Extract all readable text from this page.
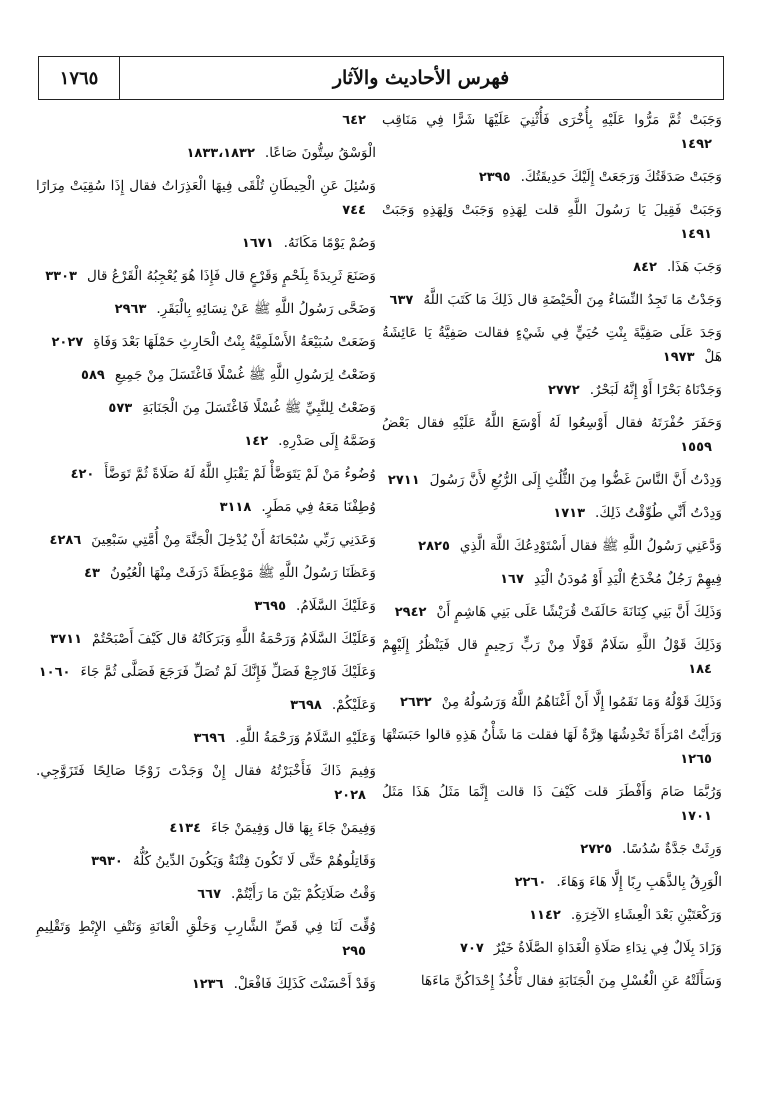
١٧٦٥	فهرس الأحاديث والآثار
وَجَبَتْ ثُمَّ مَرُّوا عَلَيْهِ بِأُخْرَى فَأُثْنِيَ عَلَيْهَا شَرًّا فِي مَنَاقِب١٤٩٢
وَجَبَتْ صَدَقَتُكَ وَرَجَعَتْ إِلَيْكَ حَدِيقَتُكَ.٢٣٩٥
وَجَبَتْ فَقِيلَ يَا رَسُولَ اللَّهِ قلت لِهَذِهِ وَجَبَتْ وَلِهَذِهِ وَجَبَتْ١٤٩١
وَجَبَ هَذَا.٨٤٢
وَجَدْتُ مَا تَجِدُ النِّسَاءُ مِنَ الْحَيْضَةِ قال ذَلِكَ مَا كَتَبَ اللَّهُ٦٣٧
وَجَدَ عَلَى صَفِيَّةَ بِنْتِ حُيَيٍّ فِي شَيْءٍ فقالت صَفِيَّةُ يَا عَائِشَةُ هَلْ١٩٧٣
وَجَدْنَاهُ بَحْرًا أَوْ إِنَّهُ لَبَحْرٌ.٢٧٧٢
وَحَفَرَ حُفْرَتَهُ فقال أَوْسِعُوا لَهُ أَوْسَعَ اللَّهُ عَلَيْهِ فقال بَعْضُ١٥٥٩
وَدِدْتُ أَنَّ النَّاسَ غَضُّوا مِنَ الثُّلُثِ إِلَى الرُّبُعِ لأَنَّ رَسُولَ٢٧١١
وَدِدْتُ أَنِّي طُوِّقْتُ ذَلِكَ.١٧١٣
وَدَّعَنِي رَسُولُ اللَّهِ ﷺ فقال أَسْتَوْدِعُكَ اللَّهَ الَّذِي٢٨٢٥
فِيهِمْ رَجُلٌ مُخْدَجُ الْيَدِ أَوْ مُودَنُ الْيَدِ١٦٧
وَذَلِكَ أَنَّ بَنِي كِنَانَةَ حَالَفَتْ قُرَيْشًا عَلَى بَنِي هَاشِمٍ أَنْ٢٩٤٢
وَذَلِكَ قَوْلُ اللَّهِ سَلَامٌ قَوْلًا مِنْ رَبٍّ رَحِيمٍ قال فَيَنْظُرُ إِلَيْهِمْ١٨٤
وَذَلِكَ قَوْلُهُ وَمَا نَقَمُوا إِلَّا أَنْ أَغْنَاهُمُ اللَّهُ وَرَسُولُهُ مِنْ٢٦٣٢
وَرَأَيْتُ امْرَأَةً تَخْدِشُهَا هِرَّةٌ لَهَا فقلت مَا شَأْنُ هَذِهِ قالوا حَبَسَتْهَا١٢٦٥
وَرُبَّمَا صَامَ وَأَفْطَرَ قلت كَيْفَ ذَا قالت إِنَّمَا مَثَلُ هَذَا مَثَلُ١٧٠١
وَرِثَتْ جَدَّةٌ سُدُسًا.٢٧٢٥
الْوَرِقُ بِالذَّهَبِ رِبًا إِلَّا هَاءَ وَهَاءَ.٢٢٦٠
وَرَكْعَتَيْنِ بَعْدَ الْعِشَاءِ الآخِرَةِ.١١٤٢
وَزَادَ بِلَالٌ فِي نِدَاءِ صَلَاةِ الْغَدَاةِ الصَّلَاةُ خَيْرٌ٧٠٧
وَسَأَلَتْهُ عَنِ الْغُسْلِ مِنَ الْجَنَابَةِ فقال تَأْخُذُ إِحْدَاكُنَّ مَاءَهَا
٦٤٢
الْوَسْقُ سِتُّونَ صَاعًا.١٨٣٣،١٨٣٢
وَسُئِلَ عَنِ الْحِيطَانِ تُلْقَى فِيهَا الْعَذِرَاتُ فقال إِذَا سُقِيَتْ مِرَارًا٧٤٤
وَصُمْ يَوْمًا مَكَانَهُ.١٦٧١
وَصَنَعَ ثَرِيدَةً بِلَحْمٍ وَقَرْعٍ قال فَإِذَا هُوَ يُعْجِبُهُ الْقَرْعُ قال٣٣٠٣
وَضَحَّى رَسُولُ اللَّهِ ﷺ عَنْ نِسَائِهِ بِالْبَقَرِ.٢٩٦٣
وَضَعَتْ سُبَيْعَةُ الأَسْلَمِيَّةُ بِنْتُ الْحَارِثِ حَمْلَهَا بَعْدَ وَفَاةِ٢٠٢٧
وَضَعْتُ لِرَسُولِ اللَّهِ ﷺ غُسْلًا فَاغْتَسَلَ مِنْ جَمِيعِ٥٨٩
وَضَعْتُ لِلنَّبِيِّ ﷺ غُسْلًا فَاغْتَسَلَ مِنَ الْجَنَابَةِ٥٧٣
وَضَمَّهُ إِلَى صَدْرِهِ.١٤٢
وُضُوءُ مَنْ لَمْ يَتَوَضَّأْ لَمْ يَقْبَلِ اللَّهُ لَهُ صَلَاةً ثُمَّ تَوَضَّأَ٤٢٠
وُطِفْنَا مَعَهُ فِي مَطَرٍ.٣١١٨
وَعَدَنِي رَبِّي سُبْحَانَهُ أَنْ يُدْخِلَ الْجَنَّةَ مِنْ أُمَّتِي سَبْعِينَ٤٢٨٦
وَعَظَنَا رَسُولُ اللَّهِ ﷺ مَوْعِظَةً ذَرَفَتْ مِنْهَا الْعُيُونُ٤٣
وَعَلَيْكَ السَّلَامُ.٣٦٩٥
وَعَلَيْكَ السَّلَامُ وَرَحْمَةُ اللَّهِ وَبَرَكَاتُهُ قال كَيْفَ أَصْبَحْتُمْ٣٧١١
وَعَلَيْكَ فَارْجِعْ فَصَلِّ فَإِنَّكَ لَمْ تُصَلِّ فَرَجَعَ فَصَلَّى ثُمَّ جَاءَ١٠٦٠
وَعَلَيْكُمْ.٣٦٩٨
وَعَلَيْهِ السَّلَامُ وَرَحْمَةُ اللَّهِ.٣٦٩٦
وَفِيمَ ذَاكَ فَأَخْبَرْتُهُ فقال إِنْ وَجَدْتَ زَوْجًا صَالِحًا فَتَزَوَّجِي.٢٠٢٨
وَفِيمَنْ جَاءَ بِهَا قال وَفِيمَنْ جَاءَ٤١٣٤
وَقَاتِلُوهُمْ حَتَّى لَا تَكُونَ فِتْنَةٌ وَيَكُونَ الدِّينُ كُلُّهُ٣٩٣٠
وَقْتُ صَلَاتِكُمْ بَيْنَ مَا رَأَيْتُمْ.٦٦٧
وُقِّتَ لَنَا فِي قَصِّ الشَّارِبِ وَحَلْقِ الْعَانَةِ وَنَتْفِ الإِبْطِ وَتَقْلِيمِ٢٩٥
وَقَدْ أَحْسَنْتَ كَذَلِكَ فَافْعَلْ.١٢٣٦
